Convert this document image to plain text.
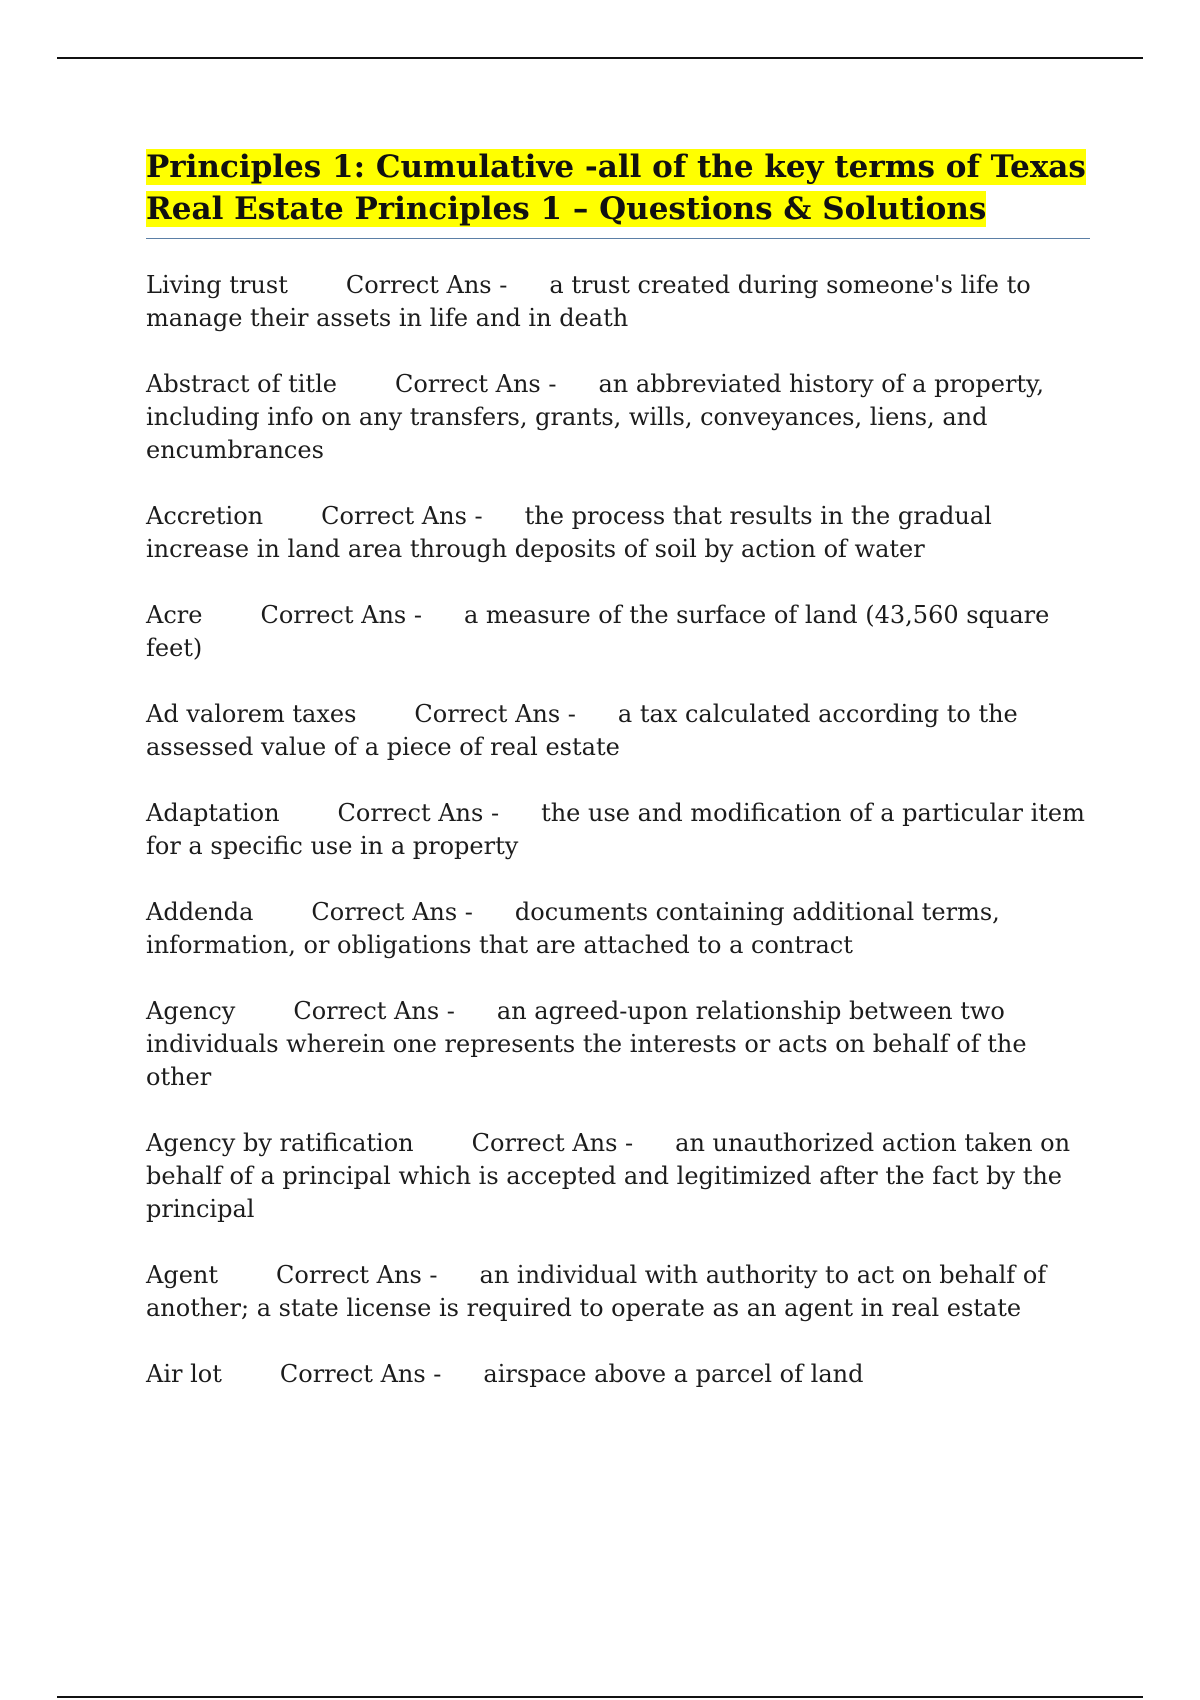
Principles 1: Cumulative -all of the key terms of Texas Real Estate Principles 1 – Questions & Solutions

Living trust Correct Ans - a trust created during someone's life to manage their assets in life and in death

Abstract of title Correct Ans - an abbreviated history of a property, including info on any transfers, grants, wills, conveyances, liens, and encumbrances

Accretion Correct Ans - the process that results in the gradual increase in land area through deposits of soil by action of water

Acre Correct Ans - a measure of the surface of land (43,560 square feet)

Ad valorem taxes Correct Ans - a tax calculated according to the assessed value of a piece of real estate

Adaptation Correct Ans - the use and modification of a particular item for a specific use in a property

Addenda Correct Ans - documents containing additional terms, information, or obligations that are attached to a contract

Agency Correct Ans - an agreed-upon relationship between two individuals wherein one represents the interests or acts on behalf of the other

Agency by ratification Correct Ans - an unauthorized action taken on behalf of a principal which is accepted and legitimized after the fact by the principal

Agent Correct Ans - an individual with authority to act on behalf of another; a state license is required to operate as an agent in real estate

Air lot Correct Ans - airspace above a parcel of land
